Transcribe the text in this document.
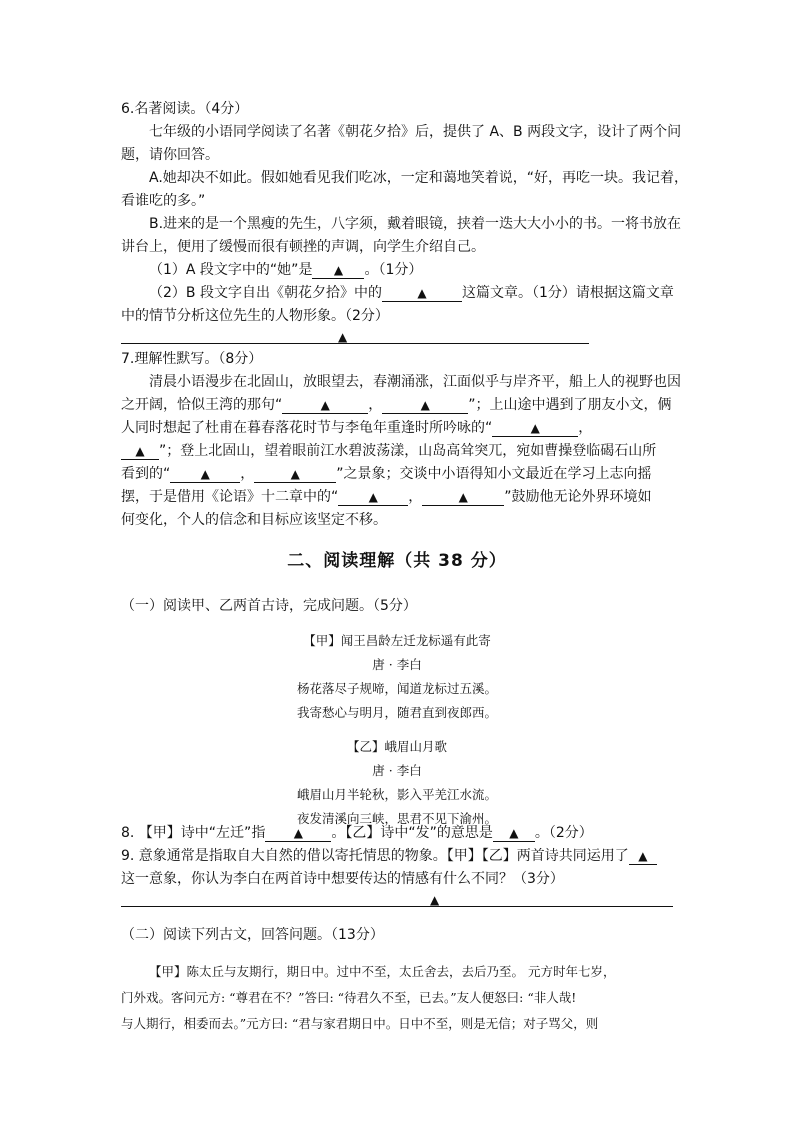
6.名著阅读。（4分）
七年级的小语同学阅读了名著《朝花夕拾》后，提供了 A、B 两段文字，设计了两个问
题，请你回答。
A.她却决不如此。假如她看见我们吃冰，一定和蔼地笑着说，“好，再吃一块。我记着，
看谁吃的多。”
B.进来的是一个黑瘦的先生，八字须，戴着眼镜，挟着一迭大大小小的书。一将书放在
讲台上，便用了缓慢而很有顿挫的声调，向学生介绍自己。
（1）A 段文字中的“她”是 ▲ 。（1分）
（2）B 段文字自出《朝花夕拾》中的	▲	这篇文章。（1分）请根据这篇文章
中的情节分析这位先生的人物形象。（2分）
▲
7.理解性默写。（8分）
清晨小语漫步在北固山，放眼望去，春潮涌涨，江面似乎与岸齐平，船上人的视野也因
之开阔，恰似王湾的那句“	▲	，	▲	”；上山途中遇到了朋友小文，俩
人同时想起了杜甫在暮春落花时节与李龟年重逢时所吟咏的“	▲	，
▲ ”；登上北固山，望着眼前江水碧波荡漾，山岛高耸突兀，宛如曹操登临碣石山所
看到的“	▲ ，	▲	”之景象；交谈中小语得知小文最近在学习上志向摇
摆，于是借用《论语》十二章中的“	▲ ，	▲	”鼓励他无论外界环境如
何变化，个人的信念和目标应该坚定不移。
二、阅读理解（共 38 分）
（一）阅读甲、乙两首古诗，完成问题。（5分）
【甲】闻王昌龄左迁龙标遥有此寄
唐 · 李白
杨花落尽子规啼，闻道龙标过五溪。
我寄愁心与明月，随君直到夜郎西。
【乙】峨眉山月歌
唐 · 李白
峨眉山月半轮秋，影入平羌江水流。
夜发清溪向三峡，思君不见下渝州。
8. 【甲】诗中“左迁”指 ▲ 。【乙】诗中“发”的意思是 ▲ 。（2分）
9. 意象通常是指取自大自然的借以寄托情思的物象。【甲】【乙】两首诗共同运用了 ▲
这一意象，你认为李白在两首诗中想要传达的情感有什么不同？（3分）
▲
（二）阅读下列古文，回答问题。（13分）
【甲】陈太丘与友期行，期日中。过中不至，太丘舍去，去后乃至。 元方时年七岁，
门外戏。客问元方: “尊君在不？”答曰: “待君久不至，已去。”友人便怒曰: “非人哉!
与人期行，相委而去。”元方曰: “君与家君期日中。日中不至，则是无信；对子骂父，则
